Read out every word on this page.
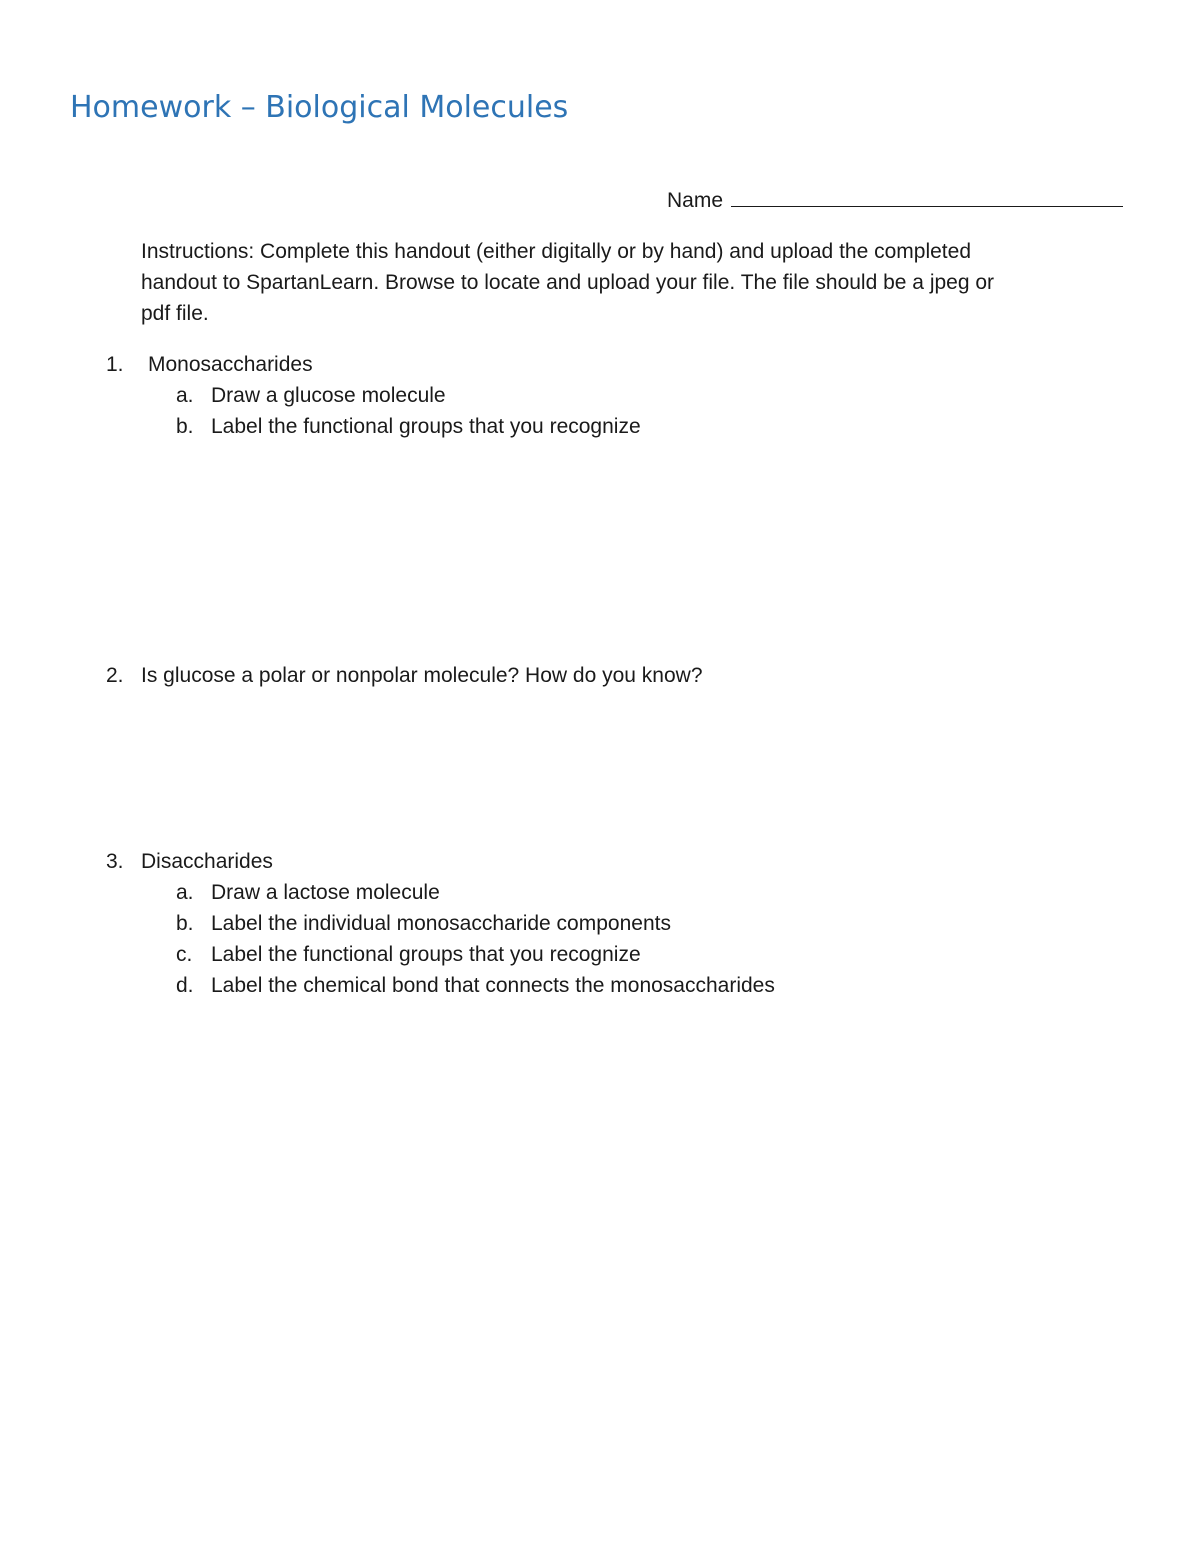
Homework – Biological Molecules
Name
Instructions: Complete this handout (either digitally or by hand) and upload the completed
handout to SpartanLearn. Browse to locate and upload your file. The file should be a jpeg or
pdf file.
1. Monosaccharides
a. Draw a glucose molecule
b. Label the functional groups that you recognize
2. Is glucose a polar or nonpolar molecule? How do you know?
3. Disaccharides
a. Draw a lactose molecule
b. Label the individual monosaccharide components
c. Label the functional groups that you recognize
d. Label the chemical bond that connects the monosaccharides
